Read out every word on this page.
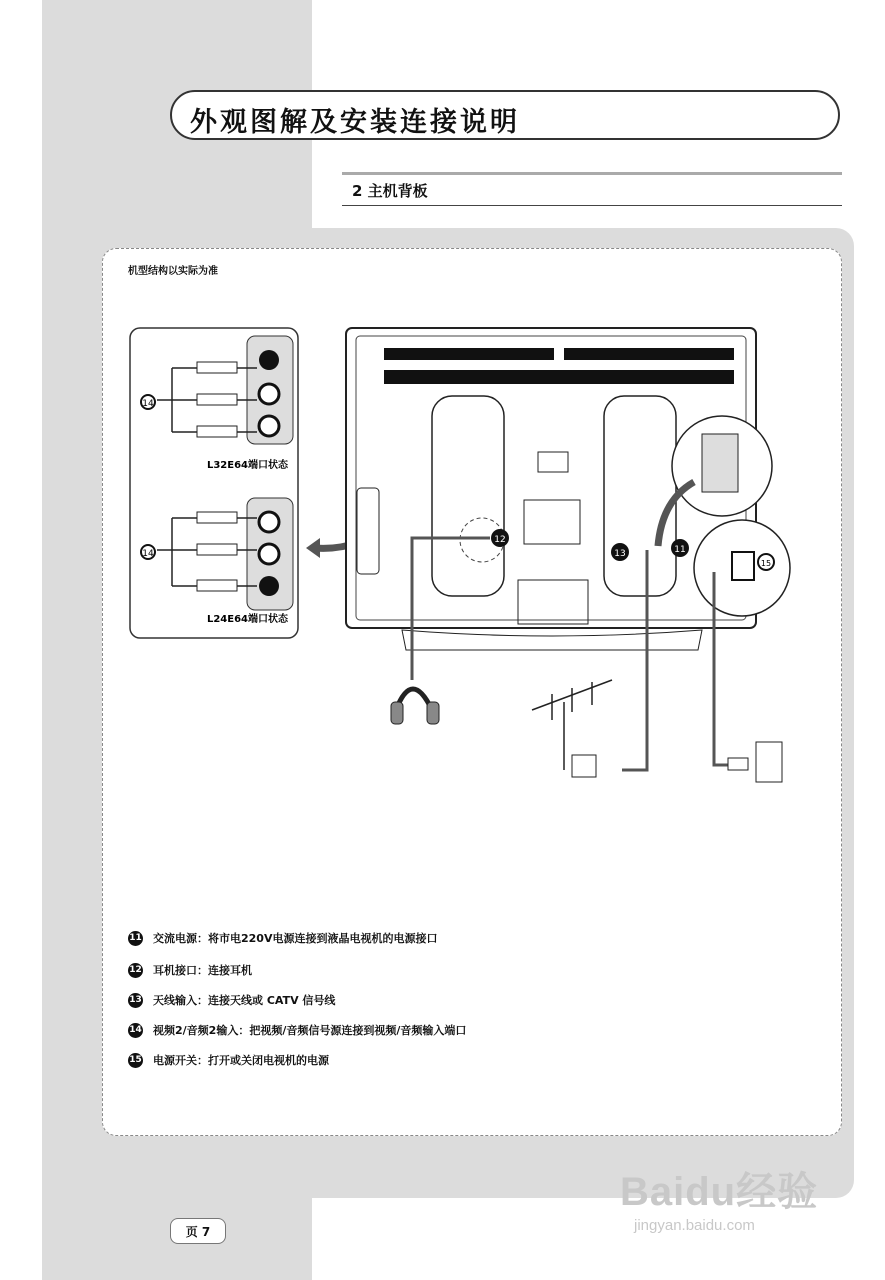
外观图解及安装连接说明
2 主机背板
机型结构以实际为准
14
L32E64端口状态
14
L24E64端口状态
12
13	11
15
11 交流电源：将市电220V电源连接到液晶电视机的电源接口
12 耳机接口：连接耳机
13 天线输入：连接天线或 CATV 信号线
14 视频2/音频2输入：把视频/音频信号源连接到视频/音频输入端口
15 电源开关：打开或关闭电视机的电源
页 7
Baidu经验
jingyan.baidu.com
